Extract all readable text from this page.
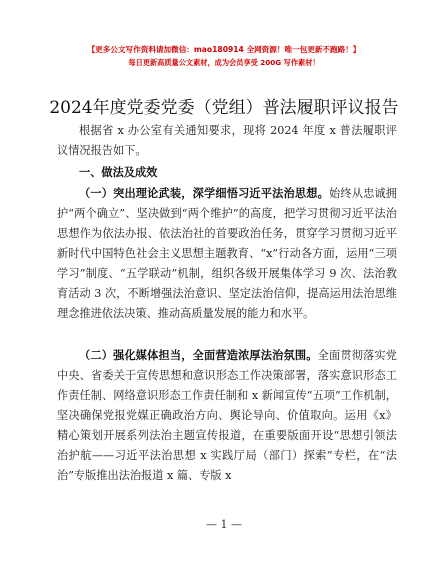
【更多公文写作资料请加微信：mao180914 全网资源！唯一包更新不跑路！】
每日更新高质量公文素材，成为会员享受 200G 写作素材！
2024年度党委党委（党组）普法履职评议报告
根据省 x 办公室有关通知要求，现将 2024 年度 x 普法履职评议情况报告如下。
一、做法及成效
（一）突出理论武装，深学细悟习近平法治思想。始终从忠诚拥护“两个确立”、坚决做到“两个维护”的高度，把学习贯彻习近平法治思想作为依法办报、依法治社的首要政治任务，贯穿学习贯彻习近平新时代中国特色社会主义思想主题教育、“x”行动各方面，运用“三项学习”制度、“五学联动”机制，组织各级开展集体学习 9 次、法治教育活动 3 次，不断增强法治意识、坚定法治信仰，提高运用法治思维理念推进依法决策、推动高质量发展的能力和水平。
（二）强化媒体担当，全面营造浓厚法治氛围。全面贯彻落实党中央、省委关于宣传思想和意识形态工作决策部署，落实意识形态工作责任制、网络意识形态工作责任制和 x 新闻宣传“五项”工作机制，坚决确保党报党媒正确政治方向、舆论导向、价值取向。运用《x》精心策划开展系列法治主题宣传报道，在重要版面开设“思想引领法治护航——习近平法治思想 x 实践厅局（部门）探索”专栏，在“法治”专版推出法治报道 x 篇、专版 x
— 1 —
